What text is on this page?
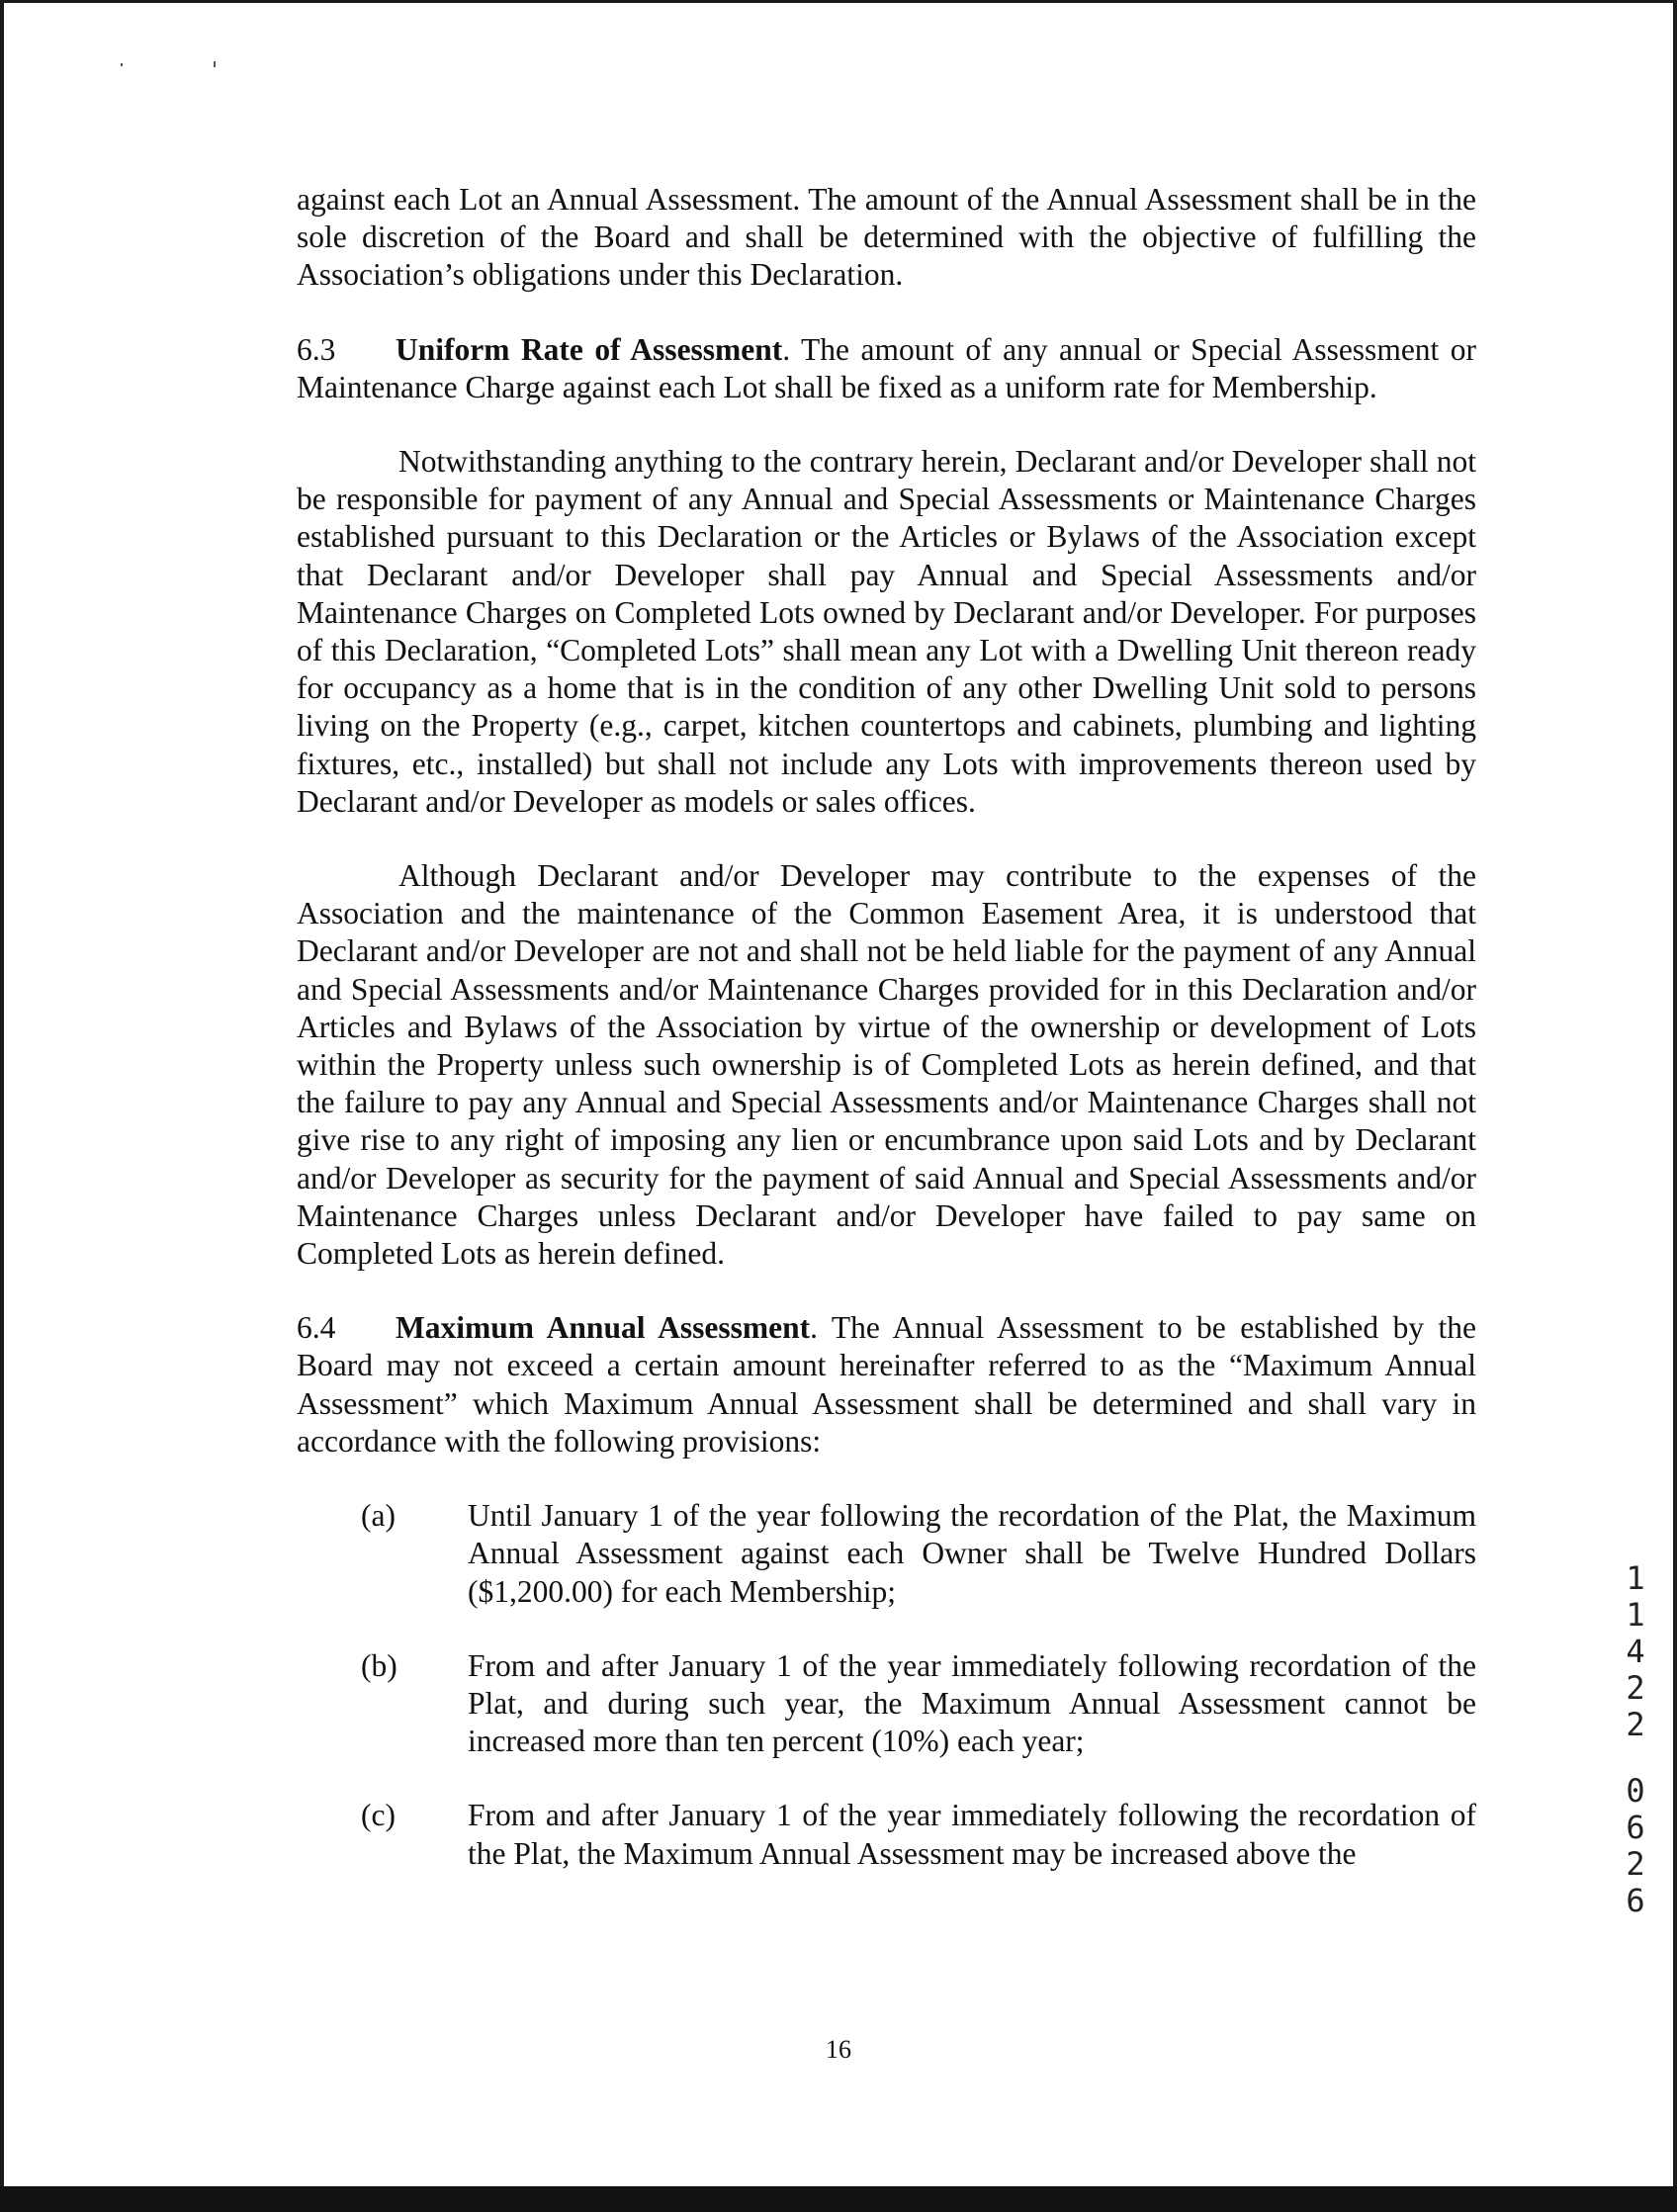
against each Lot an Annual Assessment. The amount of the Annual Assessment shall be in the sole discretion of the Board and shall be determined with the objective of fulfilling the Association’s obligations under this Declaration.

6.3 Uniform Rate of Assessment. The amount of any annual or Special Assessment or Maintenance Charge against each Lot shall be fixed as a uniform rate for Membership.

Notwithstanding anything to the contrary herein, Declarant and/or Developer shall not be responsible for payment of any Annual and Special Assessments or Maintenance Charges established pursuant to this Declaration or the Articles or Bylaws of the Association except that Declarant and/or Developer shall pay Annual and Special Assessments and/or Maintenance Charges on Completed Lots owned by Declarant and/or Developer. For purposes of this Declaration, “Completed Lots” shall mean any Lot with a Dwelling Unit thereon ready for occupancy as a home that is in the condition of any other Dwelling Unit sold to persons living on the Property (e.g., carpet, kitchen countertops and cabinets, plumbing and lighting fixtures, etc., installed) but shall not include any Lots with improvements thereon used by Declarant and/or Developer as models or sales offices.

Although Declarant and/or Developer may contribute to the expenses of the Association and the maintenance of the Common Easement Area, it is understood that Declarant and/or Developer are not and shall not be held liable for the payment of any Annual and Special Assessments and/or Maintenance Charges provided for in this Declaration and/or Articles and Bylaws of the Association by virtue of the ownership or development of Lots within the Property unless such ownership is of Completed Lots as herein defined, and that the failure to pay any Annual and Special Assessments and/or Maintenance Charges shall not give rise to any right of imposing any lien or encumbrance upon said Lots and by Declarant and/or Developer as security for the payment of said Annual and Special Assessments and/or Maintenance Charges unless Declarant and/or Developer have failed to pay same on Completed Lots as herein defined.

6.4 Maximum Annual Assessment. The Annual Assessment to be established by the Board may not exceed a certain amount hereinafter referred to as the “Maximum Annual Assessment” which Maximum Annual Assessment shall be determined and shall vary in accordance with the following provisions:

(a) Until January 1 of the year following the recordation of the Plat, the Maximum Annual Assessment against each Owner shall be Twelve Hundred Dollars ($1,200.00) for each Membership;
(b) From and after January 1 of the year immediately following recordation of the Plat, and during such year, the Maximum Annual Assessment cannot be increased more than ten percent (10%) each year;
(c) From and after January 1 of the year immediately following the recordation of the Plat, the Maximum Annual Assessment may be increased above the
1
1
4
2
2
0
6
2
6
16
